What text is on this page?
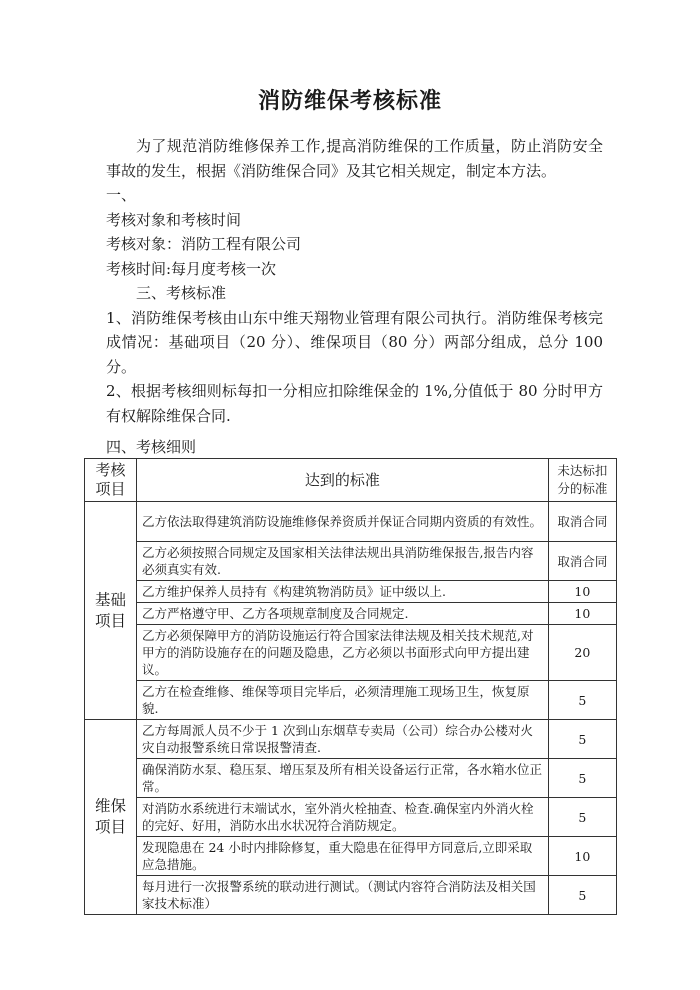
消防维保考核标准

为了规范消防维修保养工作,提高消防维保的工作质量，防止消防安全事故的发生，根据《消防维保合同》及其它相关规定，制定本方法。

一、

考核对象和考核时间

考核对象：消防工程有限公司

考核时间:每月度考核一次

三、考核标准

1、消防维保考核由山东中维天翔物业管理有限公司执行。消防维保考核完成情况：基础项目（20 分）、维保项目（80 分）两部分组成，总分 100 分。

2、根据考核细则标每扣一分相应扣除维保金的 1%,分值低于 80 分时甲方有权解除维保合同.

四、考核细则

考核项目	达到的标准	未达标扣分的标准
基础项目	乙方依法取得建筑消防设施维修保养资质并保证合同期内资质的有效性。	取消合同
	乙方必须按照合同规定及国家相关法律法规出具消防维保报告,报告内容必须真实有效.	取消合同
	乙方维护保养人员持有《构建筑物消防员》证中级以上.	10
	乙方严格遵守甲、乙方各项规章制度及合同规定.	10
	乙方必须保障甲方的消防设施运行符合国家法律法规及相关技术规范,对甲方的消防设施存在的问题及隐患，乙方必须以书面形式向甲方提出建议。	20
	乙方在检查维修、维保等项目完毕后，必须清理施工现场卫生，恢复原貌.	5
维保项目	乙方每周派人员不少于 1 次到山东烟草专卖局（公司）综合办公楼对火灾自动报警系统日常误报警清查.	5
	确保消防水泵、稳压泵、增压泵及所有相关设备运行正常，各水箱水位正常。	5
	对消防水系统进行末端试水，室外消火栓抽查、检查.确保室内外消火栓的完好、好用，消防水出水状况符合消防规定。	5
	发现隐患在 24 小时内排除修复，重大隐患在征得甲方同意后,立即采取应急措施。	10
	每月进行一次报警系统的联动进行测试。（测试内容符合消防法及相关国家技术标准）	5
